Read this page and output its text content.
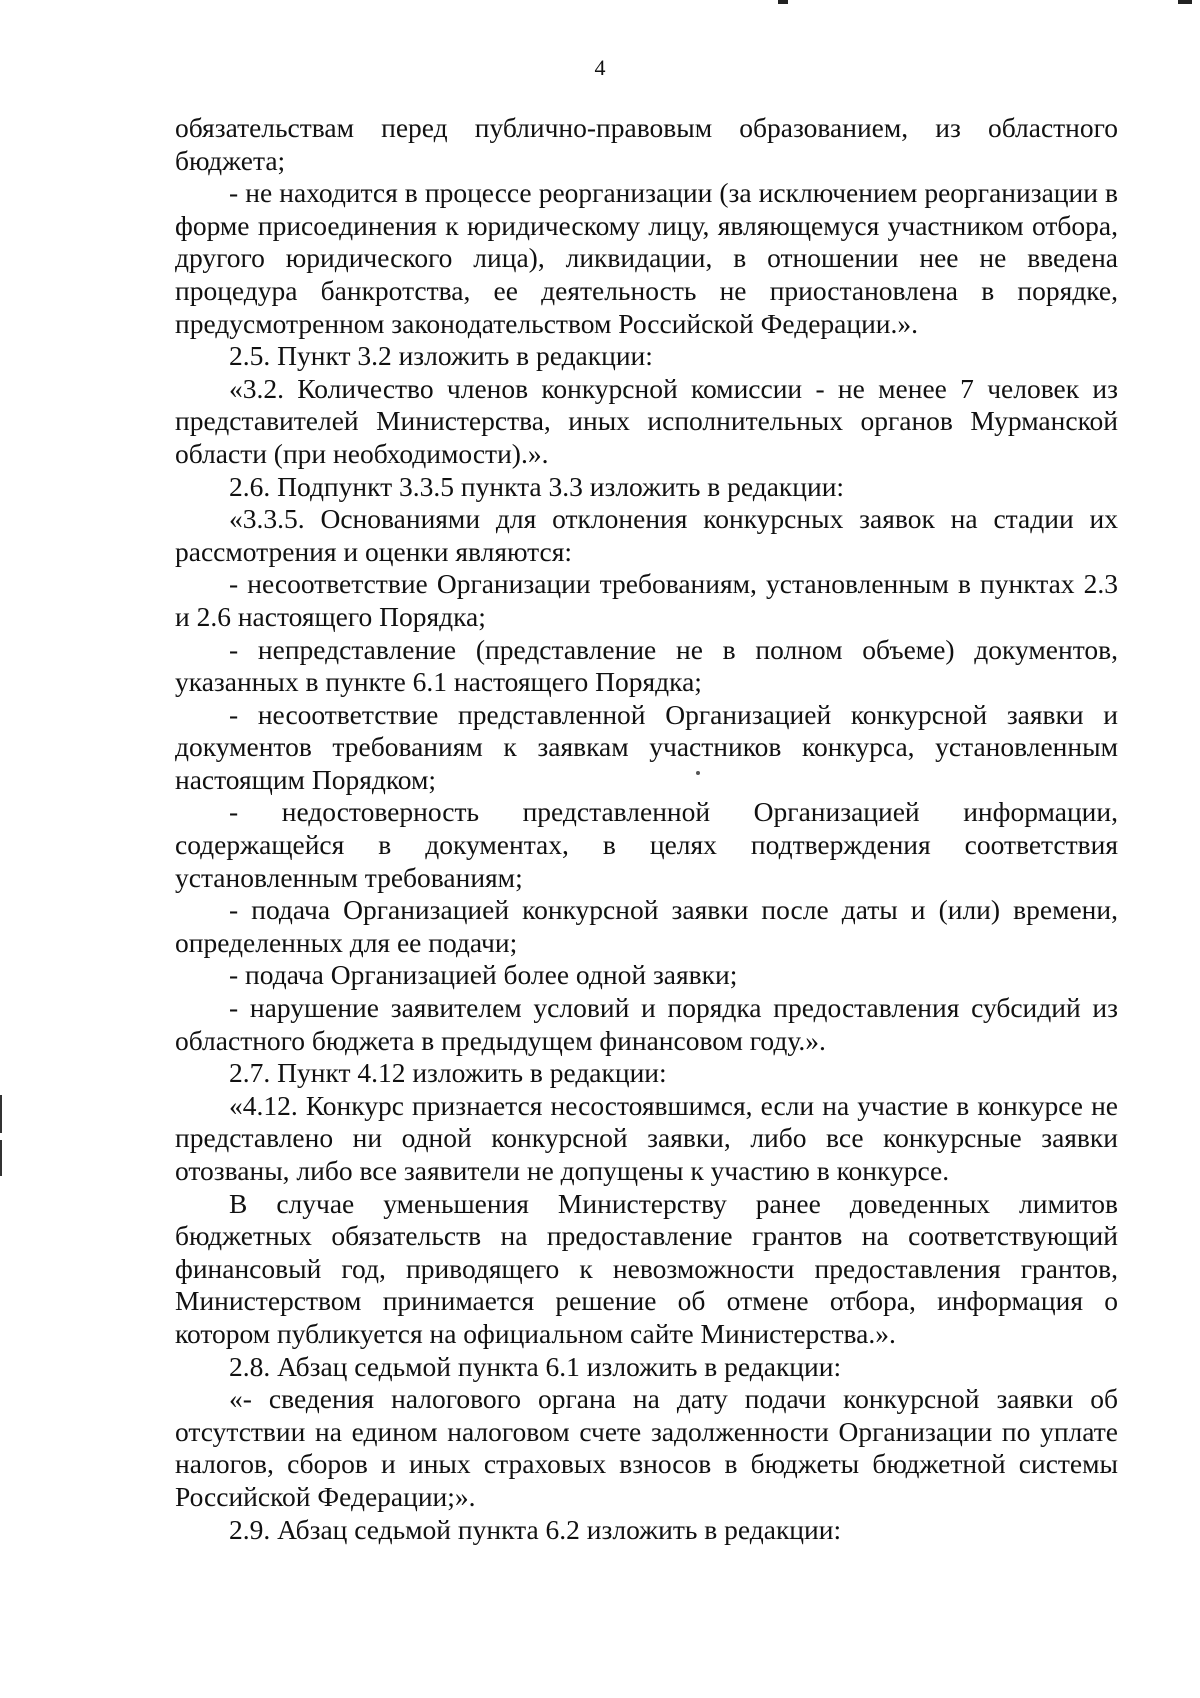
4

обязательствам перед публично-правовым образованием, из областного бюджета;

- не находится в процессе реорганизации (за исключением реорганизации в форме присоединения к юридическому лицу, являющемуся участником отбора, другого юридического лица), ликвидации, в отношении нее не введена процедура банкротства, ее деятельность не приостановлена в порядке, предусмотренном законодательством Российской Федерации.».

2.5. Пункт 3.2 изложить в редакции:

«3.2. Количество членов конкурсной комиссии - не менее 7 человек из представителей Министерства, иных исполнительных органов Мурманской области (при необходимости).».

2.6. Подпункт 3.3.5 пункта 3.3 изложить в редакции:

«3.3.5. Основаниями для отклонения конкурсных заявок на стадии их рассмотрения и оценки являются:

- несоответствие Организации требованиям, установленным в пунктах 2.3 и 2.6 настоящего Порядка;

- непредставление (представление не в полном объеме) документов, указанных в пункте 6.1 настоящего Порядка;

- несоответствие представленной Организацией конкурсной заявки и документов требованиям к заявкам участников конкурса, установленным настоящим Порядком;

- недостоверность представленной Организацией информации, содержащейся в документах, в целях подтверждения соответствия установленным требованиям;

- подача Организацией конкурсной заявки после даты и (или) времени, определенных для ее подачи;

- подача Организацией более одной заявки;

- нарушение заявителем условий и порядка предоставления субсидий из областного бюджета в предыдущем финансовом году.».

2.7. Пункт 4.12 изложить в редакции:

«4.12. Конкурс признается несостоявшимся, если на участие в конкурсе не представлено ни одной конкурсной заявки, либо все конкурсные заявки отозваны, либо все заявители не допущены к участию в конкурсе.

В случае уменьшения Министерству ранее доведенных лимитов бюджетных обязательств на предоставление грантов на соответствующий финансовый год, приводящего к невозможности предоставления грантов, Министерством принимается решение об отмене отбора, информация о котором публикуется на официальном сайте Министерства.».

2.8. Абзац седьмой пункта 6.1 изложить в редакции:

«- сведения налогового органа на дату подачи конкурсной заявки об отсутствии на едином налоговом счете задолженности Организации по уплате налогов, сборов и иных страховых взносов в бюджеты бюджетной системы Российской Федерации;».

2.9. Абзац седьмой пункта 6.2 изложить в редакции:
